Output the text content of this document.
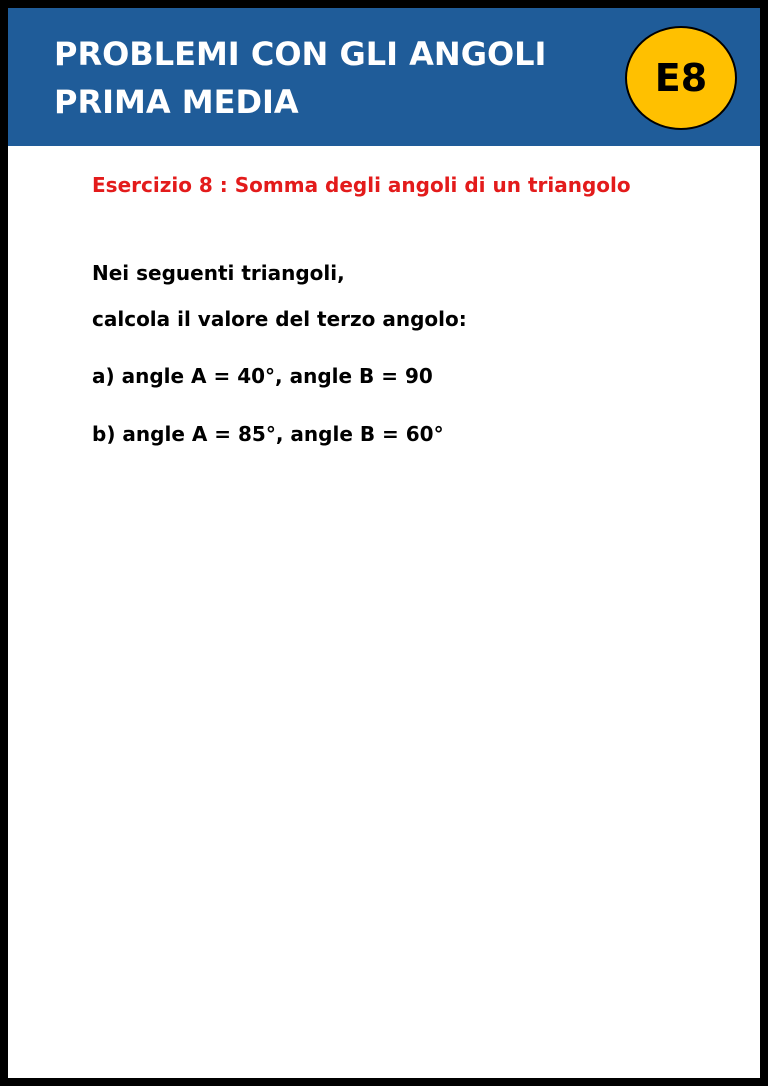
PROBLEMI CON GLI ANGOLI
PRIMA MEDIA
E8

Esercizio 8 : Somma degli angoli di un triangolo

Nei seguenti triangoli,

calcola il valore del terzo angolo:

a) angle A = 40°, angle B = 90

b) angle A = 85°, angle B = 60°
